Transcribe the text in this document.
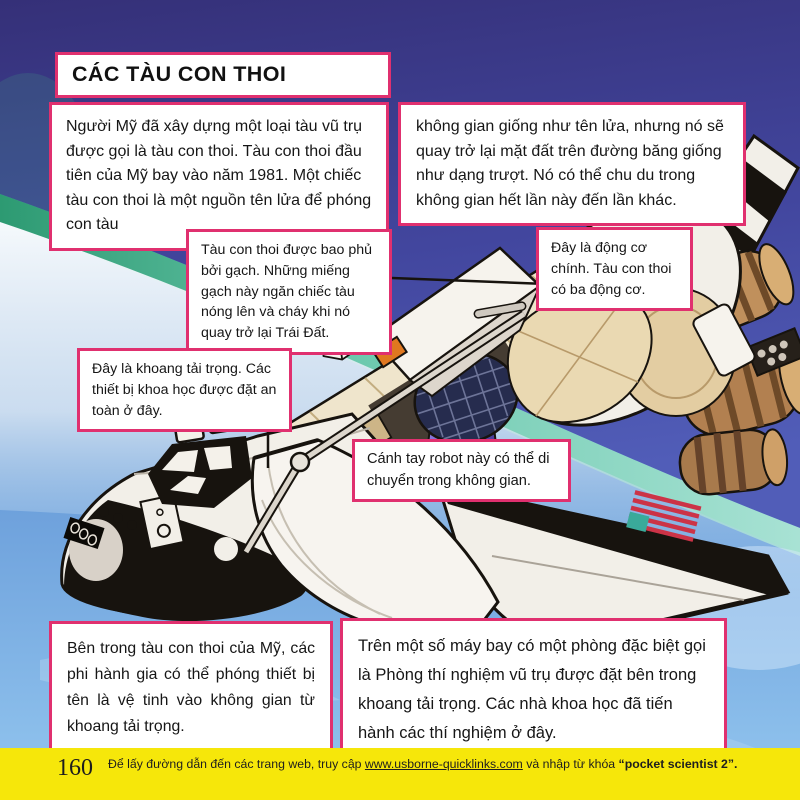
CÁC TÀU CON THOI
Người Mỹ đã xây dựng một loại tàu vũ trụ được gọi là tàu con thoi. Tàu con thoi đầu tiên của Mỹ bay vào năm 1981. Một chiếc tàu con thoi là một nguồn tên lửa để phóng con tàu
không gian giống như tên lửa, nhưng nó sẽ quay trở lại mặt đất trên đường băng giống như dạng trượt. Nó có thể chu du trong không gian hết lần này đến lần khác.
Tàu con thoi được bao phủ bởi gạch. Những miếng gạch này ngăn chiếc tàu nóng lên và cháy khi nó quay trở lại Trái Đất.
Đây là động cơ chính. Tàu con thoi có ba động cơ.
Đây là khoang tải trọng. Các thiết bị khoa học được đặt an toàn ở đây.
Cánh tay robot này có thể di chuyển trong không gian.
Bên trong tàu con thoi của Mỹ, các phi hành gia có thể phóng thiết bị tên là vệ tinh vào không gian từ khoang tải trọng.
Trên một số máy bay có một phòng đặc biệt gọi là Phòng thí nghiệm vũ trụ được đặt bên trong khoang tải trọng. Các nhà khoa học đã tiến hành các thí nghiệm ở đây.
160 Để lấy đường dẫn đến các trang web, truy cập www.usborne-quicklinks.com và nhập từ khóa “pocket scientist 2”.
